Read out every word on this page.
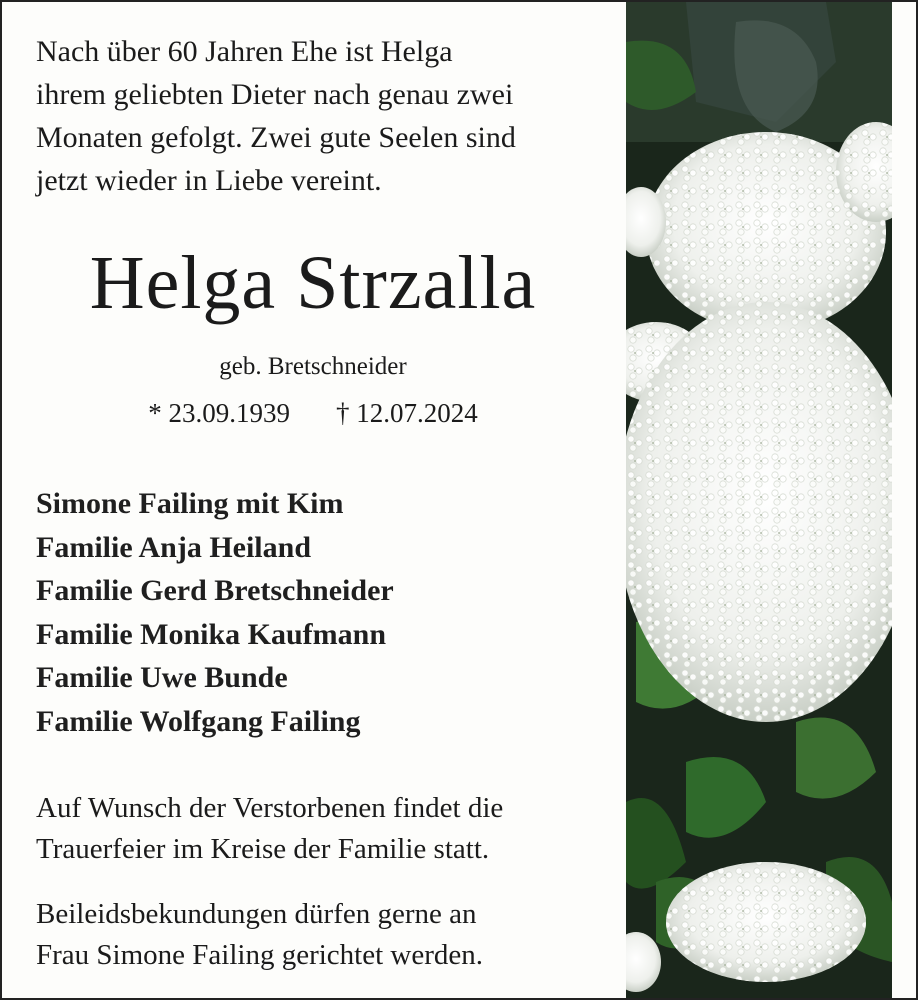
Nach über 60 Jahren Ehe ist Helga
ihrem geliebten Dieter nach genau zwei
Monaten gefolgt. Zwei gute Seelen sind
jetzt wieder in Liebe vereint.
Helga Strzalla
geb. Bretschneider
* 23.09.1939 † 12.07.2024
Simone Failing mit Kim
Familie Anja Heiland
Familie Gerd Bretschneider
Familie Monika Kaufmann
Familie Uwe Bunde
Familie Wolfgang Failing
Auf Wunsch der Verstorbenen findet die
Trauerfeier im Kreise der Familie statt.
Beileidsbekundungen dürfen gerne an
Frau Simone Failing gerichtet werden.
